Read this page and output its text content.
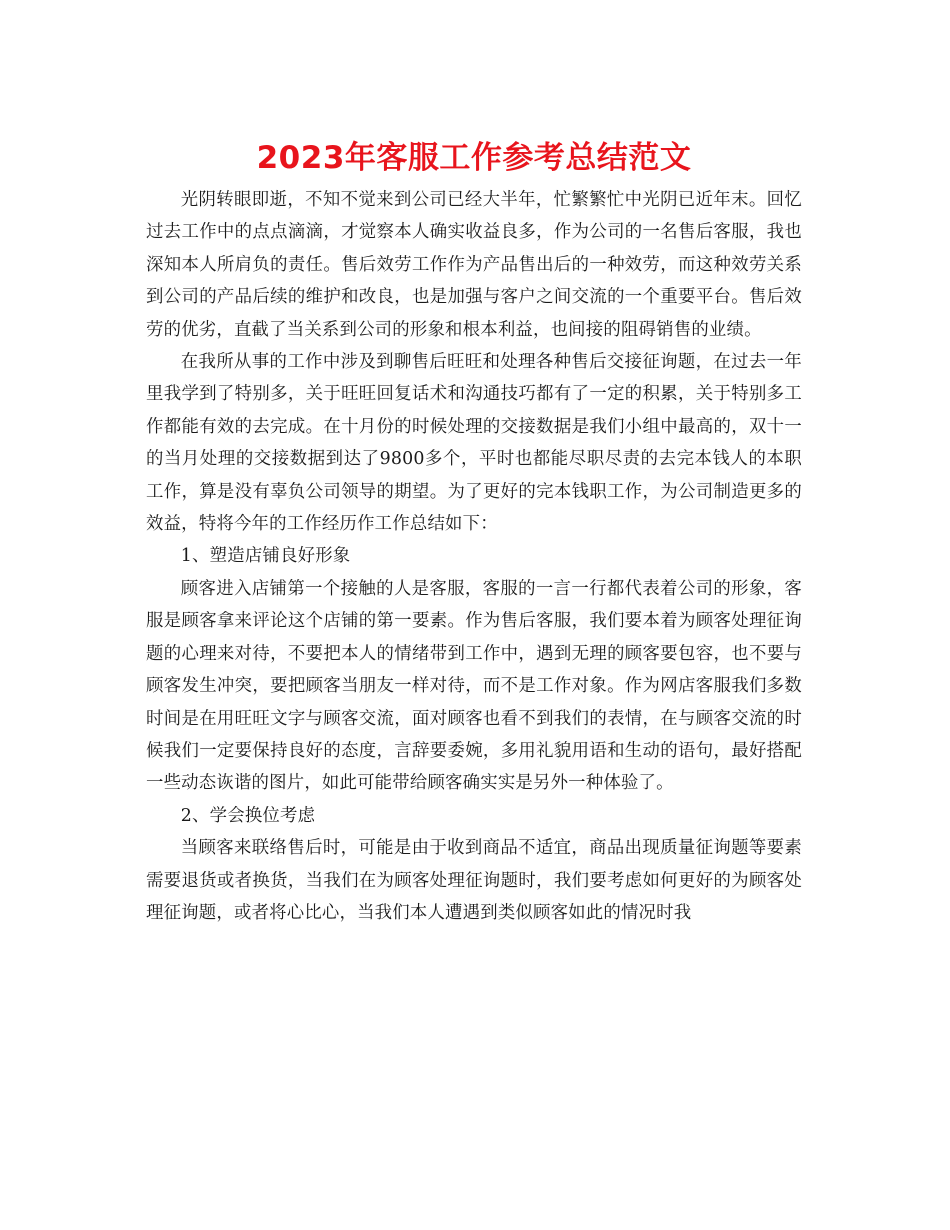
2023年客服工作参考总结范文

光阴转眼即逝，不知不觉来到公司已经大半年，忙繁繁忙中光阴已近年末。回忆过去工作中的点点滴滴，才觉察本人确实收益良多，作为公司的一名售后客服，我也深知本人所肩负的责任。售后效劳工作作为产品售出后的一种效劳，而这种效劳关系到公司的产品后续的维护和改良，也是加强与客户之间交流的一个重要平台。售后效劳的优劣，直截了当关系到公司的形象和根本利益，也间接的阻碍销售的业绩。

在我所从事的工作中涉及到聊售后旺旺和处理各种售后交接征询题，在过去一年里我学到了特别多，关于旺旺回复话术和沟通技巧都有了一定的积累，关于特别多工作都能有效的去完成。在十月份的时候处理的交接数据是我们小组中最高的，双十一的当月处理的交接数据到达了9800多个，平时也都能尽职尽责的去完本钱人的本职工作，算是没有辜负公司领导的期望。为了更好的完本钱职工作，为公司制造更多的效益，特将今年的工作经历作工作总结如下：

1、塑造店铺良好形象

顾客进入店铺第一个接触的人是客服，客服的一言一行都代表着公司的形象，客服是顾客拿来评论这个店铺的第一要素。作为售后客服，我们要本着为顾客处理征询题的心理来对待，不要把本人的情绪带到工作中，遇到无理的顾客要包容，也不要与顾客发生冲突，要把顾客当朋友一样对待，而不是工作对象。作为网店客服我们多数时间是在用旺旺文字与顾客交流，面对顾客也看不到我们的表情，在与顾客交流的时候我们一定要保持良好的态度，言辞要委婉，多用礼貌用语和生动的语句，最好搭配一些动态诙谐的图片，如此可能带给顾客确实实是另外一种体验了。

2、学会换位考虑

当顾客来联络售后时，可能是由于收到商品不适宜，商品出现质量征询题等要素需要退货或者换货，当我们在为顾客处理征询题时，我们要考虑如何更好的为顾客处理征询题，或者将心比心，当我们本人遭遇到类似顾客如此的情况时我
